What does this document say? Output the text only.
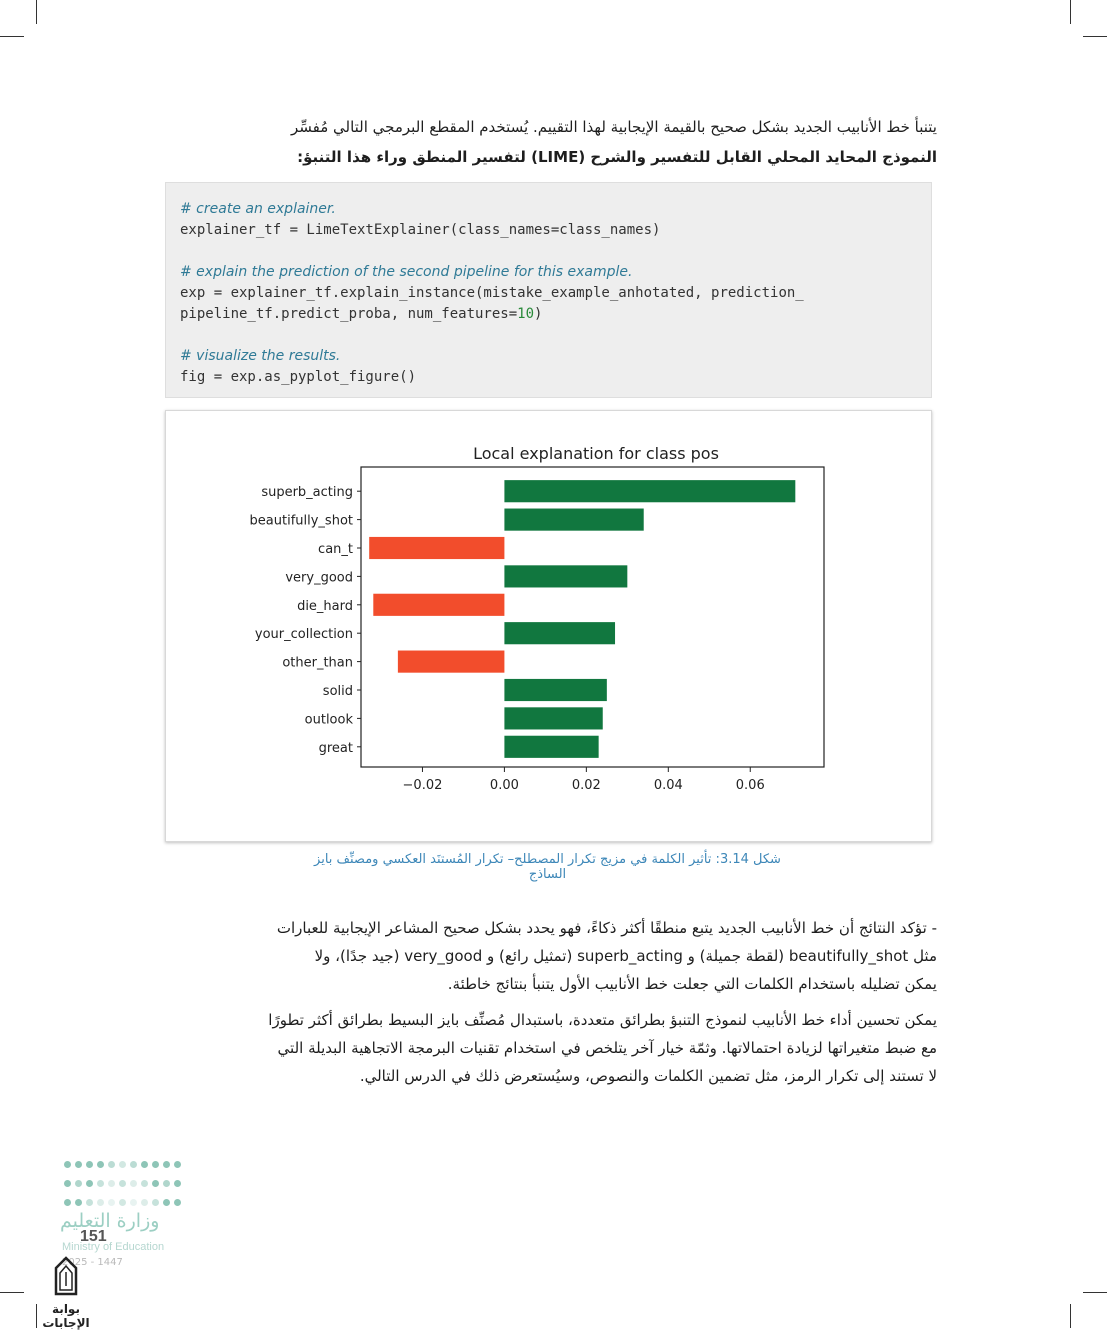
يتنبأ خط الأنابيب الجديد بشكل صحيح بالقيمة الإيجابية لهذا التقييم. يُستخدم المقطع البرمجي التالي مُفسِّر
النموذج المحايد المحلي القابل للتفسير والشرح (LIME) لتفسير المنطق وراء هذا التنبؤ:
# create an explainer.
explainer_tf = LimeTextExplainer(class_names=class_names)
# explain the prediction of the second pipeline for this example.
exp = explainer_tf.explain_instance(mistake_example_anhotated, prediction_
pipeline_tf.predict_proba, num_features=10)
# visualize the results.
fig = exp.as_pyplot_figure()
Local explanation for class pos
superb_acting
beautifully_shot
can_t
very_good
die_hard
your_collection
other_than
solid
outlook
great
−0.02	0.00	0.02	0.04	0.06
شكل 3.14: تأثير الكلمة في مزيج تكرار المصطلح– تكرار المُستنَد العكسي ومصنِّف بايز الساذج
- تؤكد النتائج أن خط الأنابيب الجديد يتبع منطقًا أكثر ذكاءً، فهو يحدد بشكل صحيح المشاعر الإيجابية للعبارات
مثل beautifully_shot (لقطة جميلة) و superb_acting (تمثيل رائع) و very_good (جيد جدًا)، ولا
يمكن تضليله باستخدام الكلمات التي جعلت خط الأنابيب الأول يتنبأ بنتائج خاطئة.
يمكن تحسين أداء خط الأنابيب لنموذج التنبؤ بطرائق متعددة، باستبدال مُصنِّف بايز البسيط بطرائق أكثر تطورًا
مع ضبط متغيراتها لزيادة احتمالاتها. وثمّة خيار آخر يتلخص في استخدام تقنيات البرمجة الاتجاهية البديلة التي
لا تستند إلى تكرار الرمز، مثل تضمين الكلمات والنصوص، وسيُستعرض ذلك في الدرس التالي.

وزارة التعليم
Ministry of Education
2025 - 1447
151
بوابة الإجابات
